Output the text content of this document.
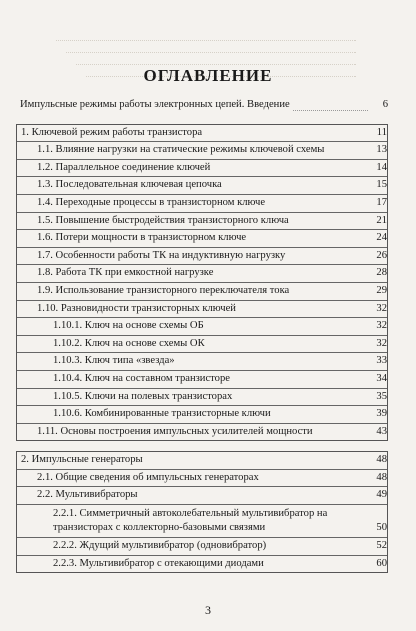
ОГЛАВЛЕНИЕ
Импульсные режимы работы электронных цепей. Введение	6
1. Ключевой режим работы транзистора	11
1.1. Влияние нагрузки на статические режимы ключевой схемы	13
1.2. Параллельное соединение ключей	14
1.3. Последовательная ключевая цепочка	15
1.4. Переходные процессы в транзисторном ключе	17
1.5. Повышение быстродействия транзисторного ключа	21
1.6. Потери мощности в транзисторном ключе	24
1.7. Особенности работы ТК на индуктивную нагрузку	26
1.8. Работа ТК при емкостной нагрузке	28
1.9. Использование транзисторного переключателя тока	29
1.10. Разновидности транзисторных ключей	32
1.10.1. Ключ на основе схемы ОБ	32
1.10.2. Ключ на основе схемы ОК	32
1.10.3. Ключ типа «звезда»	33
1.10.4. Ключ на составном транзисторе	34
1.10.5. Ключи на полевых транзисторах	35
1.10.6. Комбинированные транзисторные ключи	39
1.11. Основы построения импульсных усилителей мощности	43
2. Импульсные генераторы	48
2.1. Общие сведения об импульсных генераторах	48
2.2. Мультивибраторы	49
2.2.1. Симметричный автоколебательный мультивибратор на транзисторах с коллекторно-базовыми связями	50
2.2.2. Ждущий мультивибратор (одновибратор)	52
2.2.3. Мультивибратор с отекающими диодами	60
3
